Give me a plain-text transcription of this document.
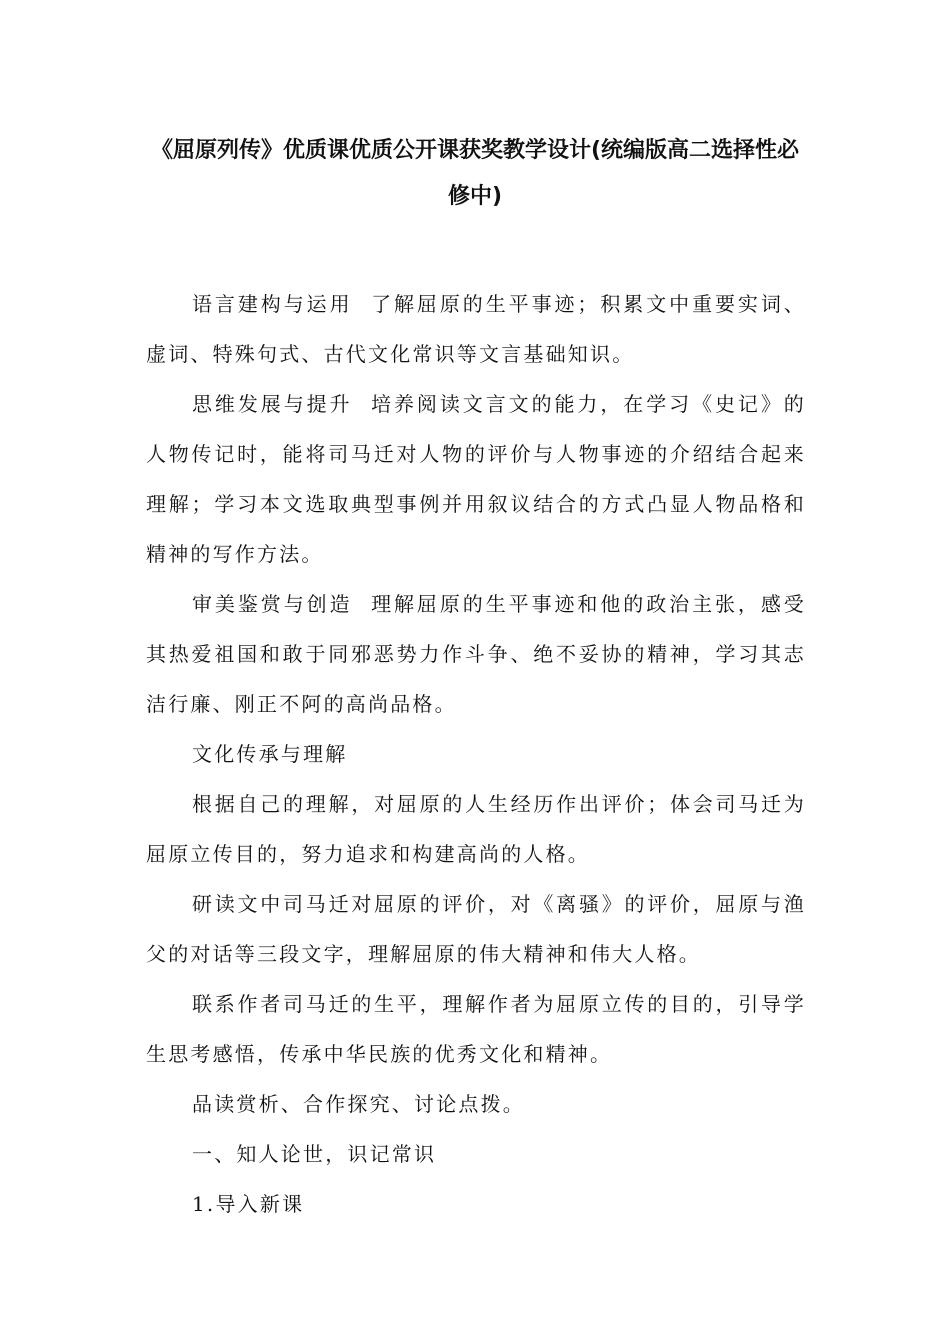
《屈原列传》优质课优质公开课获奖教学设计(统编版高二选择性必
修中)

语言建构与运用 了解屈原的生平事迹；积累文中重要实词、虚词、特殊句式、古代文化常识等文言基础知识。

思维发展与提升 培养阅读文言文的能力，在学习《史记》的人物传记时，能将司马迁对人物的评价与人物事迹的介绍结合起来理解；学习本文选取典型事例并用叙议结合的方式凸显人物品格和精神的写作方法。

审美鉴赏与创造 理解屈原的生平事迹和他的政治主张，感受其热爱祖国和敢于同邪恶势力作斗争、绝不妥协的精神，学习其志洁行廉、刚正不阿的高尚品格。

文化传承与理解

根据自己的理解，对屈原的人生经历作出评价；体会司马迁为屈原立传目的，努力追求和构建高尚的人格。

研读文中司马迁对屈原的评价，对《离骚》的评价，屈原与渔父的对话等三段文字，理解屈原的伟大精神和伟大人格。

联系作者司马迁的生平，理解作者为屈原立传的目的，引导学生思考感悟，传承中华民族的优秀文化和精神。

品读赏析、合作探究、讨论点拨。

一、知人论世，识记常识

1.导入新课
